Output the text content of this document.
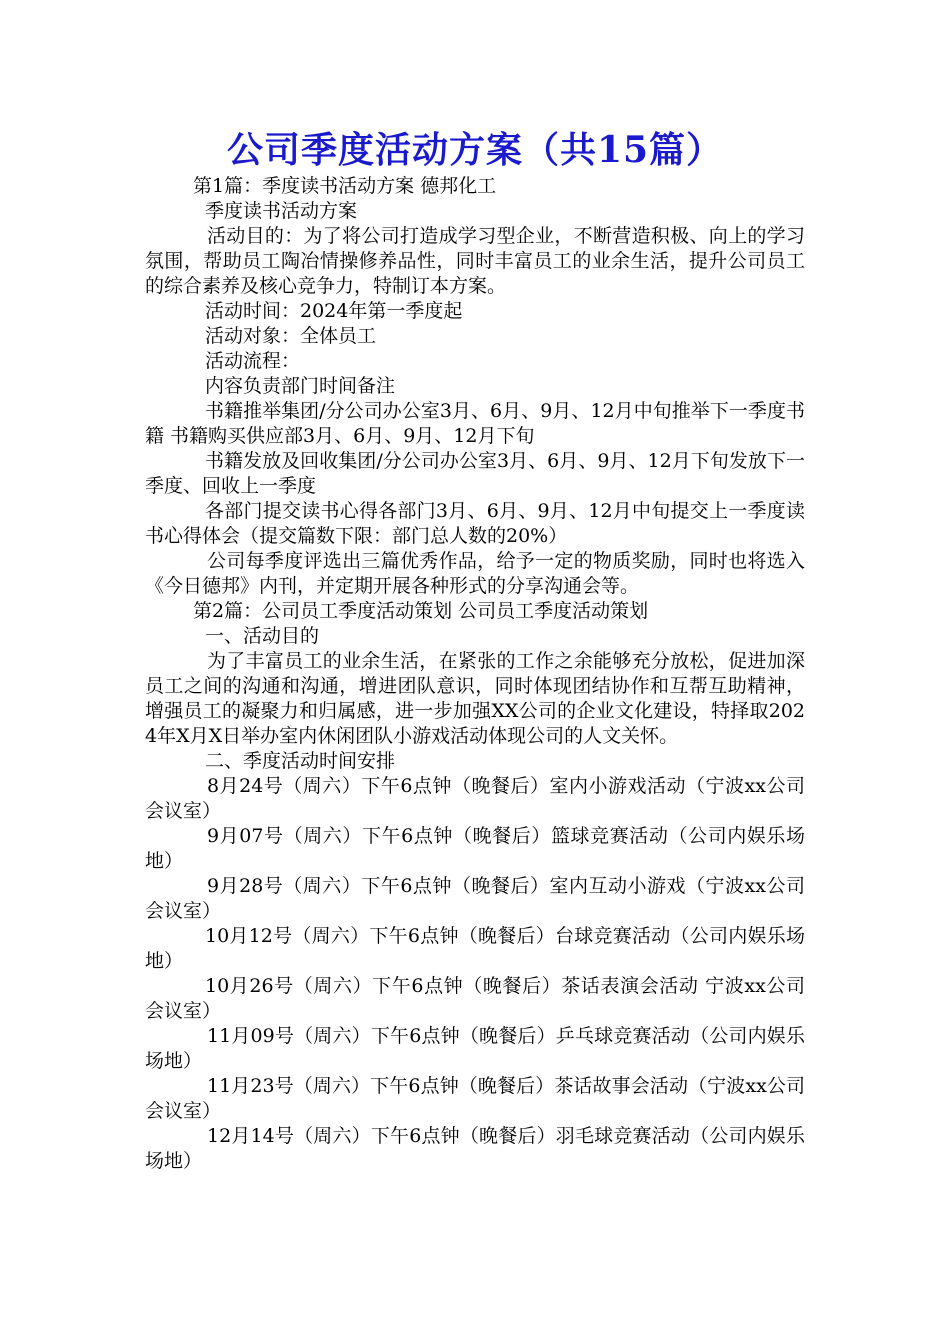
公司季度活动方案（共15篇）

第1篇：季度读书活动方案 德邦化工

季度读书活动方案

活动目的：为了将公司打造成学习型企业，不断营造积极、向上的学习氛围，帮助员工陶冶情操修养品性，同时丰富员工的业余生活，提升公司员工的综合素养及核心竞争力，特制订本方案。

活动时间：2024年第一季度起

活动对象：全体员工

活动流程：

内容负责部门时间备注

书籍推举集团/分公司办公室3月、6月、9月、12月中旬推举下一季度书籍 书籍购买供应部3月、6月、9月、12月下旬

书籍发放及回收集团/分公司办公室3月、6月、9月、12月下旬发放下一季度、回收上一季度

各部门提交读书心得各部门3月、6月、9月、12月中旬提交上一季度读书心得体会（提交篇数下限：部门总人数的20%）

公司每季度评选出三篇优秀作品，给予一定的物质奖励，同时也将选入《今日德邦》内刊，并定期开展各种形式的分享沟通会等。

第2篇：公司员工季度活动策划 公司员工季度活动策划

一、活动目的

为了丰富员工的业余生活，在紧张的工作之余能够充分放松，促进加深员工之间的沟通和沟通，增进团队意识，同时体现团结协作和互帮互助精神，增强员工的凝聚力和归属感，进一步加强XX公司的企业文化建设，特择取2024年X月X日举办室内休闲团队小游戏活动体现公司的人文关怀。

二、季度活动时间安排

8月24号（周六）下午6点钟（晚餐后）室内小游戏活动（宁波xx公司会议室）

9月07号（周六）下午6点钟（晚餐后）篮球竞赛活动（公司内娱乐场地）

9月28号（周六）下午6点钟（晚餐后）室内互动小游戏（宁波xx公司会议室）

10月12号（周六）下午6点钟（晚餐后）台球竞赛活动（公司内娱乐场地）

10月26号（周六）下午6点钟（晚餐后）茶话表演会活动 宁波xx公司会议室）

11月09号（周六）下午6点钟（晚餐后）乒乓球竞赛活动（公司内娱乐场地）

11月23号（周六）下午6点钟（晚餐后）茶话故事会活动（宁波xx公司会议室）

12月14号（周六）下午6点钟（晚餐后）羽毛球竞赛活动（公司内娱乐场地）
